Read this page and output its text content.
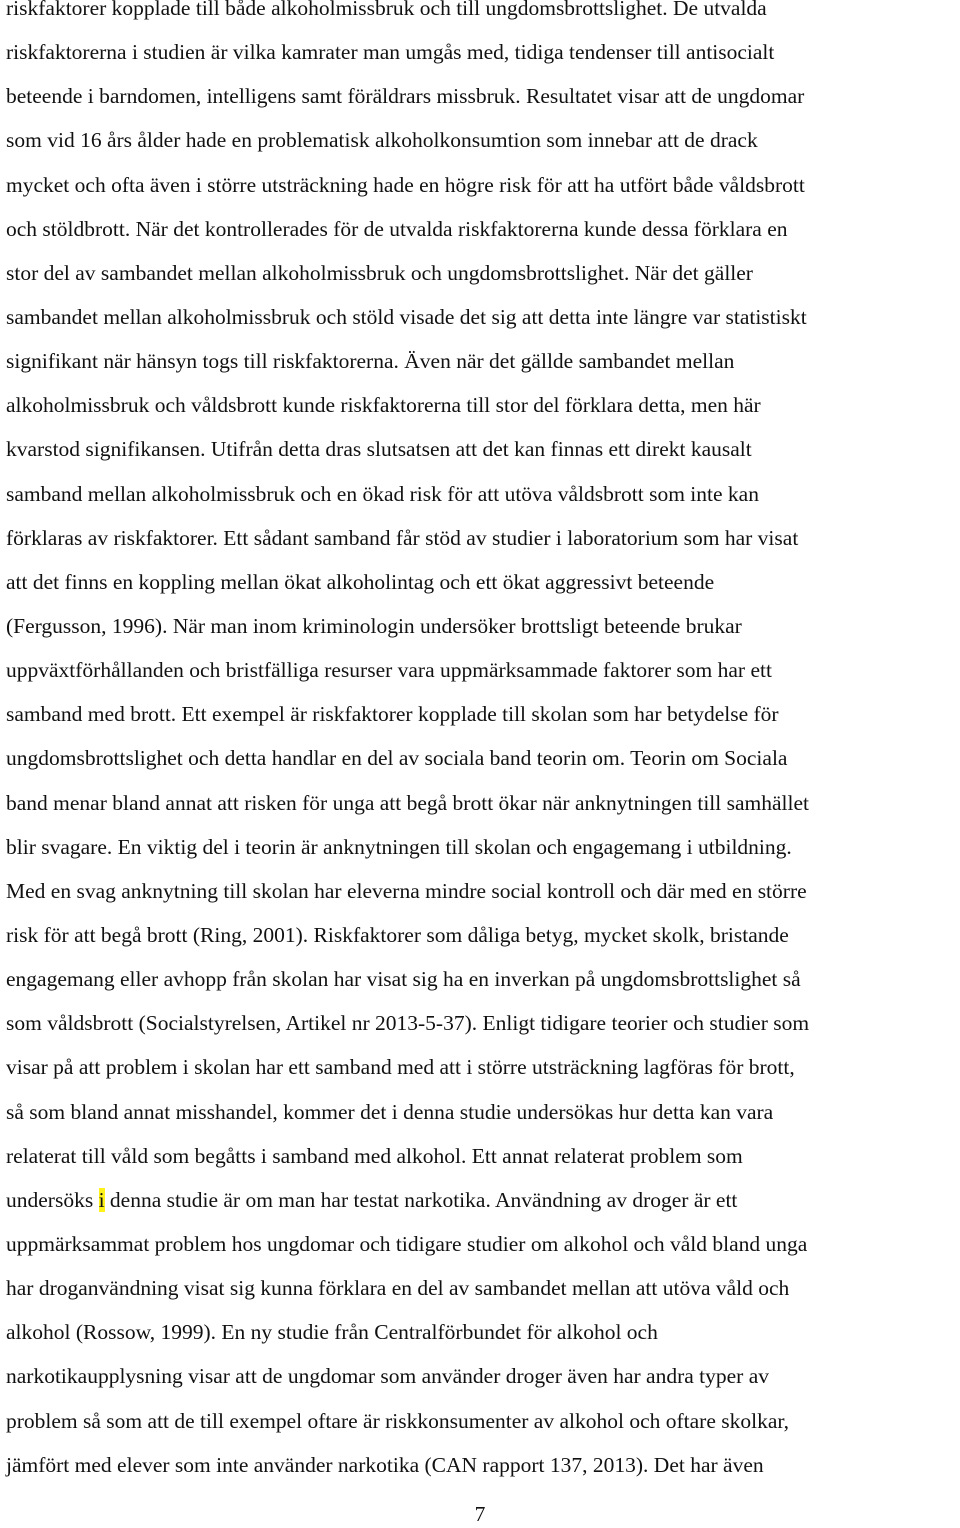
riskfaktorer kopplade till både alkoholmissbruk och till ungdomsbrottslighet. De utvalda

riskfaktorerna i studien är vilka kamrater man umgås med, tidiga tendenser till antisocialt

beteende i barndomen, intelligens samt föräldrars missbruk. Resultatet visar att de ungdomar

som vid 16 års ålder hade en problematisk alkoholkonsumtion som innebar att de drack

mycket och ofta även i större utsträckning hade en högre risk för att ha utfört både våldsbrott

och stöldbrott. När det kontrollerades för de utvalda riskfaktorerna kunde dessa förklara en

stor del av sambandet mellan alkoholmissbruk och ungdomsbrottslighet. När det gäller

sambandet mellan alkoholmissbruk och stöld visade det sig att detta inte längre var statistiskt

signifikant när hänsyn togs till riskfaktorerna. Även när det gällde sambandet mellan

alkoholmissbruk och våldsbrott kunde riskfaktorerna till stor del förklara detta, men här

kvarstod signifikansen. Utifrån detta dras slutsatsen att det kan finnas ett direkt kausalt

samband mellan alkoholmissbruk och en ökad risk för att utöva våldsbrott som inte kan

förklaras av riskfaktorer. Ett sådant samband får stöd av studier i laboratorium som har visat

att det finns en koppling mellan ökat alkoholintag och ett ökat aggressivt beteende

(Fergusson, 1996). När man inom kriminologin undersöker brottsligt beteende brukar

uppväxtförhållanden och bristfälliga resurser vara uppmärksammade faktorer som har ett

samband med brott. Ett exempel är riskfaktorer kopplade till skolan som har betydelse för

ungdomsbrottslighet och detta handlar en del av sociala band teorin om. Teorin om Sociala

band menar bland annat att risken för unga att begå brott ökar när anknytningen till samhället

blir svagare. En viktig del i teorin är anknytningen till skolan och engagemang i utbildning.

Med en svag anknytning till skolan har eleverna mindre social kontroll och där med en större

risk för att begå brott (Ring, 2001). Riskfaktorer som dåliga betyg, mycket skolk, bristande

engagemang eller avhopp från skolan har visat sig ha en inverkan på ungdomsbrottslighet så

som våldsbrott (Socialstyrelsen, Artikel nr 2013-5-37). Enligt tidigare teorier och studier som

visar på att problem i skolan har ett samband med att i större utsträckning lagföras för brott,

så som bland annat misshandel, kommer det i denna studie undersökas hur detta kan vara

relaterat till våld som begåtts i samband med alkohol. Ett annat relaterat problem som

undersöks i denna studie är om man har testat narkotika. Användning av droger är ett

uppmärksammat problem hos ungdomar och tidigare studier om alkohol och våld bland unga

har droganvändning visat sig kunna förklara en del av sambandet mellan att utöva våld och

alkohol (Rossow, 1999). En ny studie från Centralförbundet för alkohol och

narkotikaupplysning visar att de ungdomar som använder droger även har andra typer av

problem så som att de till exempel oftare är riskkonsumenter av alkohol och oftare skolkar,

jämfört med elever som inte använder narkotika (CAN rapport 137, 2013). Det har även

7
